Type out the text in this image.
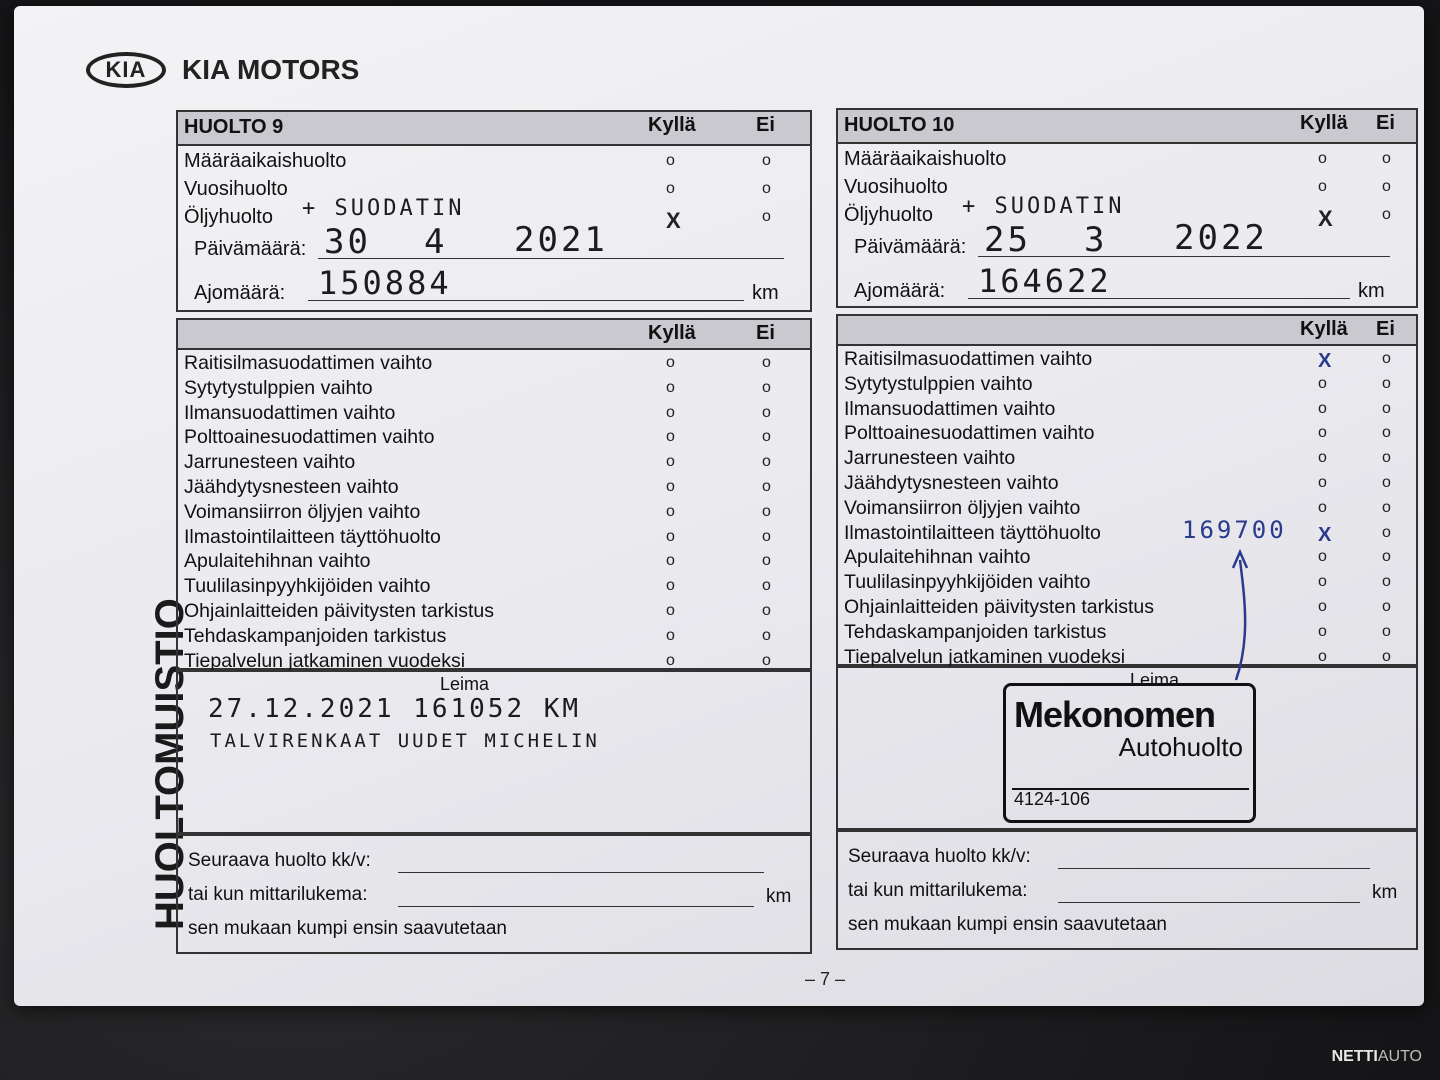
KIA	KIA MOTORS
HUOLTOMUISTIO
HUOLTO 9	Kyllä	Ei
Määräaikaishuolto	o	o
Vuosihuolto	o	o
Öljyhuolto	X	o
+ SUODATIN
Päivämäärä: 30 4 2021
Ajomäärä: 150884	km
Kyllä	Ei
Raitisilmasuodattimen vaihto	o	o
Sytytystulppien vaihto	o	o
Ilmansuodattimen vaihto	o	o
Polttoainesuodattimen vaihto	o	o
Jarrunesteen vaihto	o	o
Jäähdytysnesteen vaihto	o	o
Voimansiirron öljyjen vaihto	o	o
Ilmastointilaitteen täyttöhuolto	o	o
Apulaitehihnan vaihto	o	o
Tuulilasinpyyhkijöiden vaihto	o	o
Ohjainlaitteiden päivitysten tarkistus	o	o
Tehdaskampanjoiden tarkistus	o	o
Tiepalvelun jatkaminen vuodeksi	o	o
Leima
27.12.2021 161052 KM
TALVIRENKAAT UUDET MICHELIN
Seuraava huolto kk/v:
tai kun mittarilukema:	km
sen mukaan kumpi ensin saavutetaan
HUOLTO 10	Kyllä Ei
Määräaikaishuolto	o	o
Vuosihuolto	o	o
Öljyhuolto	X	o
+ SUODATIN
Päivämäärä: 25 3 2022
Ajomäärä: 164622	km
Kyllä Ei
Raitisilmasuodattimen vaihto	X	o
Sytytystulppien vaihto	o	o
Ilmansuodattimen vaihto	o	o
Polttoainesuodattimen vaihto	o	o
Jarrunesteen vaihto	o	o
Jäähdytysnesteen vaihto	o	o
Voimansiirron öljyjen vaihto	o	o
Ilmastointilaitteen täyttöhuolto	X	o
Apulaitehihnan vaihto	o	o
Tuulilasinpyyhkijöiden vaihto	o	o
Ohjainlaitteiden päivitysten tarkistus	o	o
Tehdaskampanjoiden tarkistus	o	o
Tiepalvelun jatkaminen vuodeksi	o	o
169700
Leima
Seuraava huolto kk/v:
tai kun mittarilukema:	km
sen mukaan kumpi ensin saavutetaan
Mekonomen
Autohuolto
4124-106
– 7 –
NETTIAUTO
